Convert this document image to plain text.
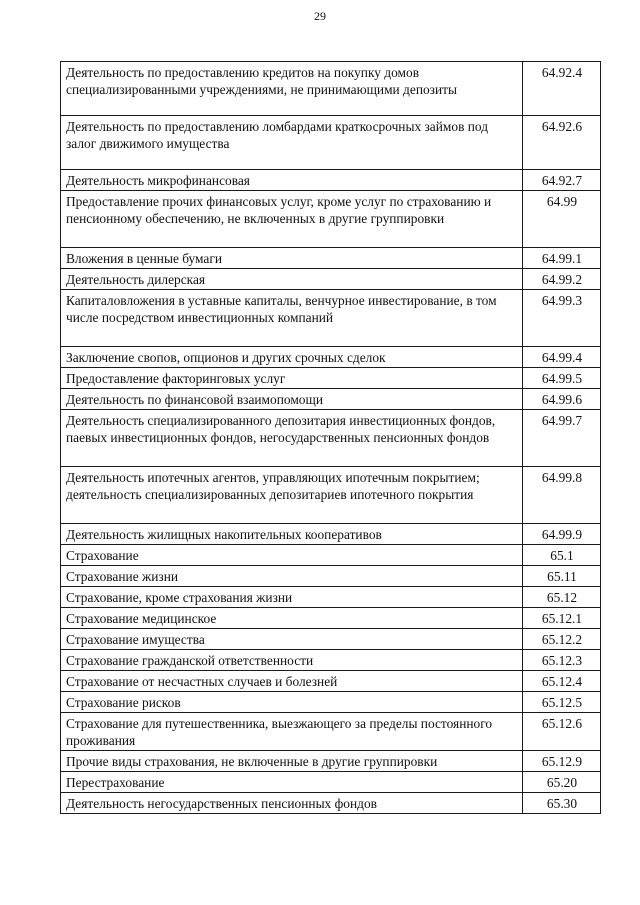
29
Деятельность по предоставлению кредитов на покупку домов специализированными учреждениями, не принимающими депозиты	64.92.4
Деятельность по предоставлению ломбардами краткосрочных займов под залог движимого имущества	64.92.6
Деятельность микрофинансовая	64.92.7
Предоставление прочих финансовых услуг, кроме услуг по страхованию и пенсионному обеспечению, не включенных в другие группировки	64.99
Вложения в ценные бумаги	64.99.1
Деятельность дилерская	64.99.2
Капиталовложения в уставные капиталы, венчурное инвестирование, в том числе посредством инвестиционных компаний	64.99.3
Заключение свопов, опционов и других срочных сделок	64.99.4
Предоставление факторинговых услуг	64.99.5
Деятельность по финансовой взаимопомощи	64.99.6
Деятельность специализированного депозитария инвестиционных фондов, паевых инвестиционных фондов, негосударственных пенсионных фондов	64.99.7
Деятельность ипотечных агентов, управляющих ипотечным покрытием; деятельность специализированных депозитариев ипотечного покрытия	64.99.8
Деятельность жилищных накопительных кооперативов	64.99.9
Страхование	65.1
Страхование жизни	65.11
Страхование, кроме страхования жизни	65.12
Страхование медицинское	65.12.1
Страхование имущества	65.12.2
Страхование гражданской ответственности	65.12.3
Страхование от несчастных случаев и болезней	65.12.4
Страхование рисков	65.12.5
Страхование для путешественника, выезжающего за пределы постоянного проживания	65.12.6
Прочие виды страхования, не включенные в другие группировки	65.12.9
Перестрахование	65.20
Деятельность негосударственных пенсионных фондов	65.30
